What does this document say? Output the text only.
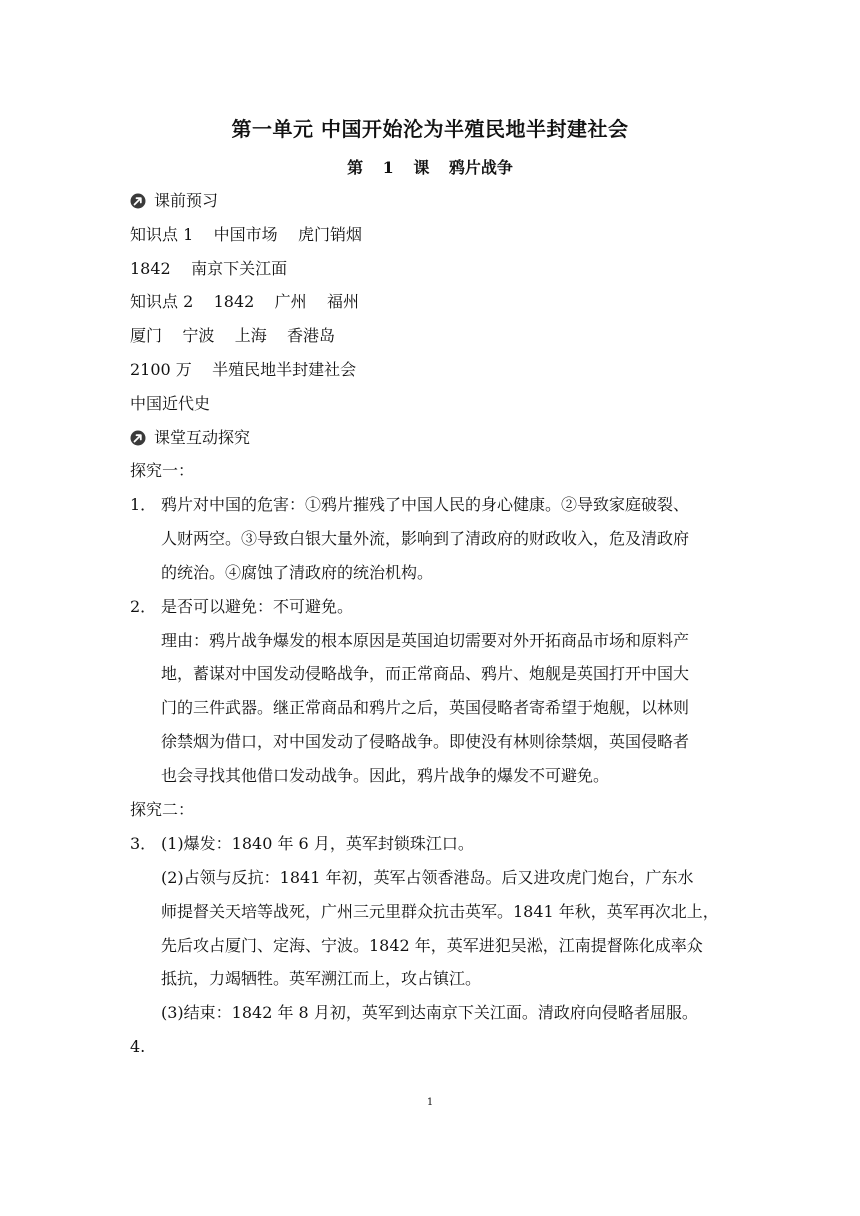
第一单元 中国开始沦为半殖民地半封建社会
第 1 课 鸦片战争
课前预习
知识点 1    中国市场    虎门销烟
1842    南京下关江面
知识点 2    1842    广州    福州
厦门    宁波    上海    香港岛
2100 万    半殖民地半封建社会
中国近代史
课堂互动探究
探究一：
1． 鸦片对中国的危害：①鸦片摧残了中国人民的身心健康。②导致家庭破裂、
人财两空。③导致白银大量外流，影响到了清政府的财政收入，危及清政府
的统治。④腐蚀了清政府的统治机构。
2． 是否可以避免：不可避免。
理由：鸦片战争爆发的根本原因是英国迫切需要对外开拓商品市场和原料产
地，蓄谋对中国发动侵略战争，而正常商品、鸦片、炮舰是英国打开中国大
门的三件武器。继正常商品和鸦片之后，英国侵略者寄希望于炮舰，以林则
徐禁烟为借口，对中国发动了侵略战争。即使没有林则徐禁烟，英国侵略者
也会寻找其他借口发动战争。因此，鸦片战争的爆发不可避免。
探究二：
3． (1)爆发：1840 年 6 月，英军封锁珠江口。
(2)占领与反抗：1841 年初，英军占领香港岛。后又进攻虎门炮台，广东水
师提督关天培等战死，广州三元里群众抗击英军。1841 年秋，英军再次北上，
先后攻占厦门、定海、宁波。1842 年，英军进犯吴淞，江南提督陈化成率众
抵抗，力竭牺牲。英军溯江而上，攻占镇江。
(3)结束：1842 年 8 月初，英军到达南京下关江面。清政府向侵略者屈服。
4.
1
